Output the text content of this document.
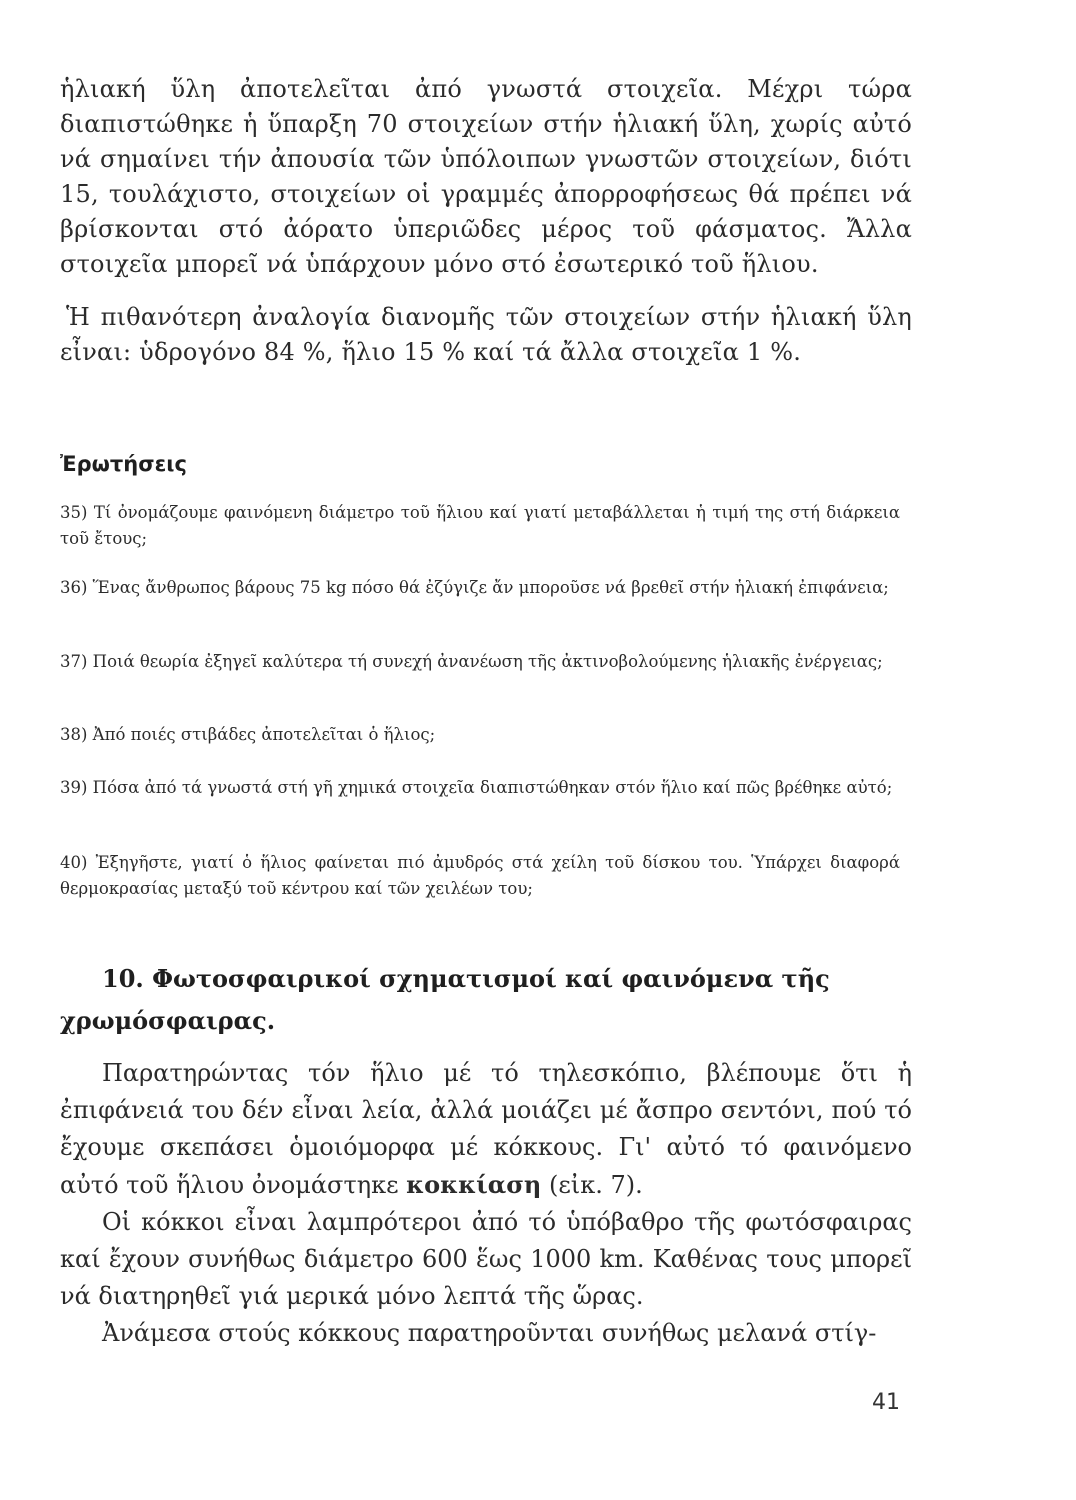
ἡλιακή ὕλη ἀποτελεῖται ἀπό γνωστά στοιχεῖα. Μέχρι τώρα διαπιστώθηκε ἡ ὕπαρξη 70 στοιχείων στήν ἡλιακή ὕλη, χωρίς αὐτό νά σημαίνει τήν ἀπουσία τῶν ὑπόλοιπων γνωστῶν στοιχείων, διότι 15, τουλάχιστο, στοιχείων οἱ γραμμές ἀπορροφήσεως θά πρέπει νά βρίσκονται στό ἀόρατο ὑπεριῶδες μέρος τοῦ φάσματος. Ἄλλα στοιχεῖα μπορεῖ νά ὑπάρχουν μόνο στό ἐσωτερικό τοῦ ἥλιου.

Ἡ πιθανότερη ἀναλογία διανομῆς τῶν στοιχείων στήν ἡλιακή ὕλη εἶναι: ὑδρογόνο 84 %, ἥλιο 15 % καί τά ἄλλα στοιχεῖα 1 %.

Ἐρωτήσεις

35) Τί ὀνομάζουμε φαινόμενη διάμετρο τοῦ ἥλιου καί γιατί μεταβάλλεται ἡ τιμή της στή διάρκεια τοῦ ἔτους;

36) Ἕνας ἄνθρωπος βάρους 75 kg πόσο θά ἐζύγιζε ἄν μποροῦσε νά βρεθεῖ στήν ἡλιακή ἐπιφάνεια;

37) Ποιά θεωρία ἐξηγεῖ καλύτερα τή συνεχή ἀνανέωση τῆς ἀκτινοβολούμενης ἡλιακῆς ἐνέργειας;

38) Ἀπό ποιές στιβάδες ἀποτελεῖται ὁ ἥλιος;

39) Πόσα ἀπό τά γνωστά στή γῆ χημικά στοιχεῖα διαπιστώθηκαν στόν ἥλιο καί πῶς βρέθηκε αὐτό;

40) Ἐξηγῆστε, γιατί ὁ ἥλιος φαίνεται πιό ἀμυδρός στά χείλη τοῦ δίσκου του. Ὑπάρχει διαφορά θερμοκρασίας μεταξύ τοῦ κέντρου καί τῶν χειλέων του;

10. Φωτοσφαιρικοί σχηματισμοί καί φαινόμενα τῆς χρωμόσφαιρας.

Παρατηρώντας τόν ἥλιο μέ τό τηλεσκόπιο, βλέπουμε ὅτι ἡ ἐπιφάνειά του δέν εἶναι λεία, ἀλλά μοιάζει μέ ἄσπρο σεντόνι, πού τό ἔχουμε σκεπάσει ὁμοιόμορφα μέ κόκκους. Γι' αὐτό τό φαινόμενο αὐτό τοῦ ἥλιου ὀνομάστηκε κοκκίαση (εἰκ. 7).

Οἱ κόκκοι εἶναι λαμπρότεροι ἀπό τό ὑπόβαθρο τῆς φωτόσφαιρας καί ἔχουν συνήθως διάμετρο 600 ἕως 1000 km. Καθένας τους μπορεῖ νά διατηρηθεῖ γιά μερικά μόνο λεπτά τῆς ὥρας.

Ἀνάμεσα στούς κόκκους παρατηροῦνται συνήθως μελανά στίγ-

41
